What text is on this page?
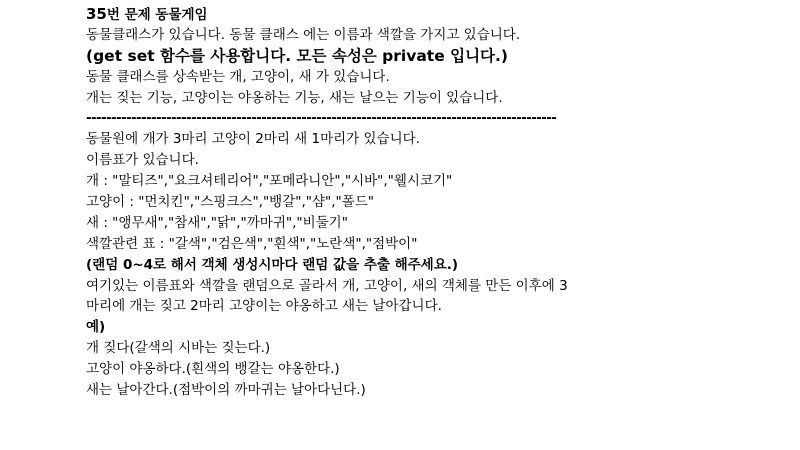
35번 문제 동물게임
동물클래스가 있습니다. 동물 클래스 에는 이름과 색깔을 가지고 있습니다.
(get set 함수를 사용합니다. 모든 속성은 private 입니다.)
동물 클래스를 상속받는 개, 고양이, 새 가 있습니다.
개는 짖는 기능, 고양이는 야옹하는 기능, 새는 날으는 기능이 있습니다.
----------------------------------------------------------------------------------------------
동물원에 개가 3마리 고양이 2마리 새 1마리가 있습니다.
이름표가 있습니다.
개 : "말티즈","요크셔테리어","포메라니안","시바","웰시코기"
고양이 : "먼치킨","스핑크스","뱅갈","샴","폴드"
새 : "앵무새","참새","닭","까마귀","비둘기"
색깔관련 표 : "갈색","검은색","흰색","노란색","점박이"
(랜덤 0~4로 해서 객체 생성시마다 랜덤 값을 추출 해주세요.)
여기있는 이름표와 색깔을 랜덤으로 골라서 개, 고양이, 새의 객체를 만든 이후에 3
마리에 개는 짖고 2마리 고양이는 야옹하고 새는 날아갑니다.
예)
개 짖다(갈색의 시바는 짖는다.)
고양이 야옹하다.(흰색의 뱅갈는 야옹한다.)
새는 날아간다.(점박이의 까마귀는 날아다닌다.)
